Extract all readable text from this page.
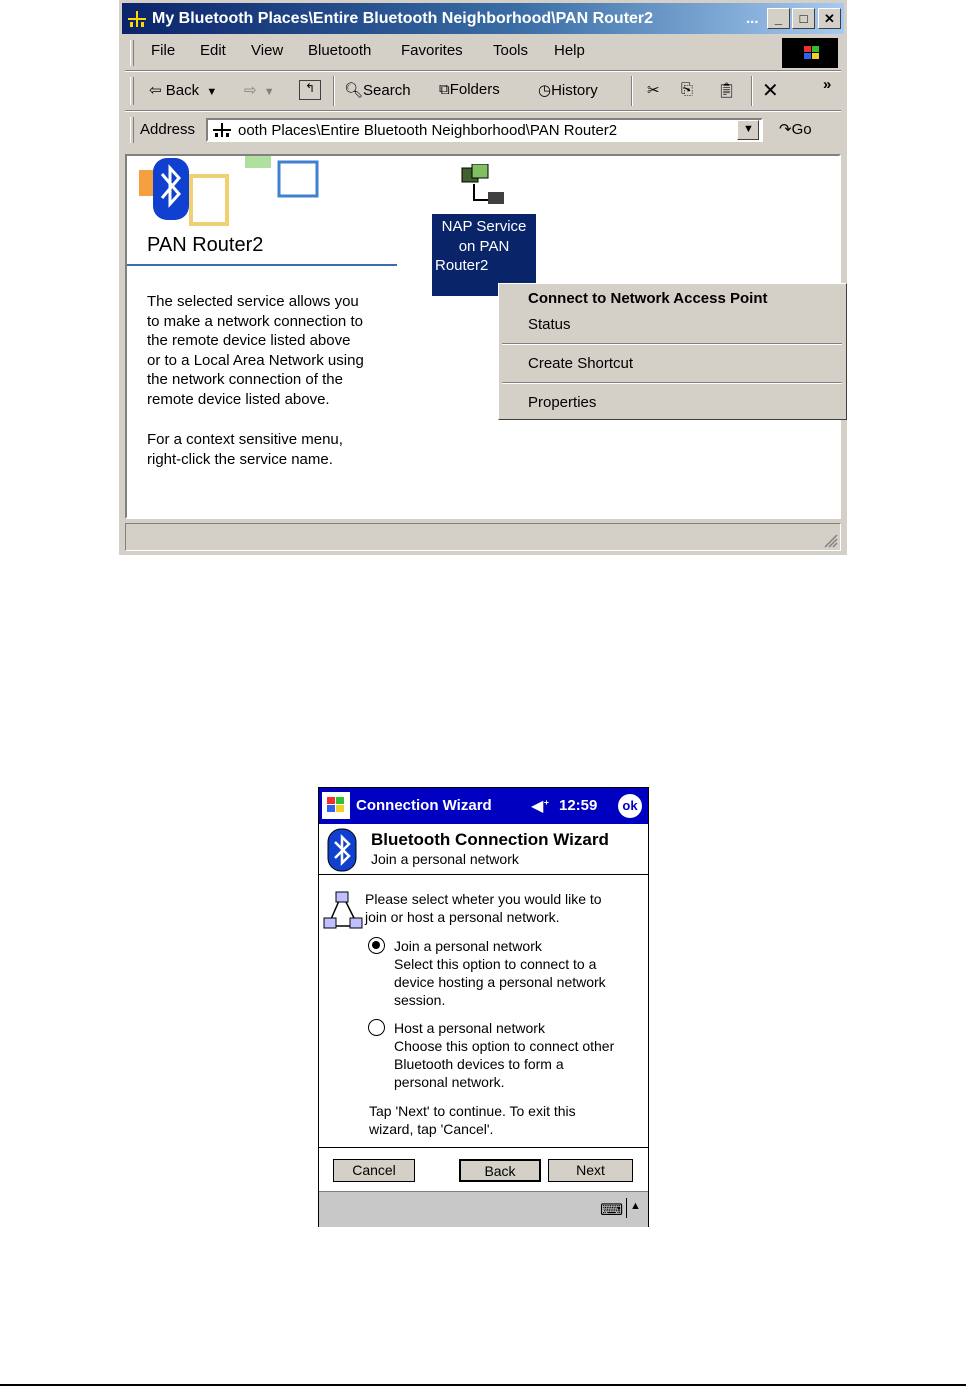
My Bluetooth Places\Entire Bluetooth Neighborhood\PAN Router2	...	_	□	✕
File Edit View Bluetooth Favorites Tools Help
⇦ Back  ▼ ⇨  ▼	↰	🔍︎Search ⧉Folders	◷History	✂ ⎘ 📋︎ ✕	»
Address	ooth Places\Entire Bluetooth Neighborhood\PAN Router2	▼ ↷Go
PAN Router2
The selected service allows you
to make a network connection to
the remote device listed above
or to a Local Area Network using
the network connection of the
remote device listed above.
For a context sensitive menu,
right-click the service name.
NAP Service
on PAN
Router2
Connect to Network Access Point
Status
Create Shortcut
Properties
Connection Wizard ◀︎ᐩ 12:59	ok
Bluetooth Connection Wizard
Join a personal network
Please select wheter you would like to
join or host a personal network.
Join a personal network
Select this option to connect to a
device hosting a personal network
session.
Host a personal network
Choose this option to connect other
Bluetooth devices to form a
personal network.
Tap 'Next' to continue. To exit this
wizard, tap 'Cancel'.
Cancel	Back	Next
⌨ ▲
